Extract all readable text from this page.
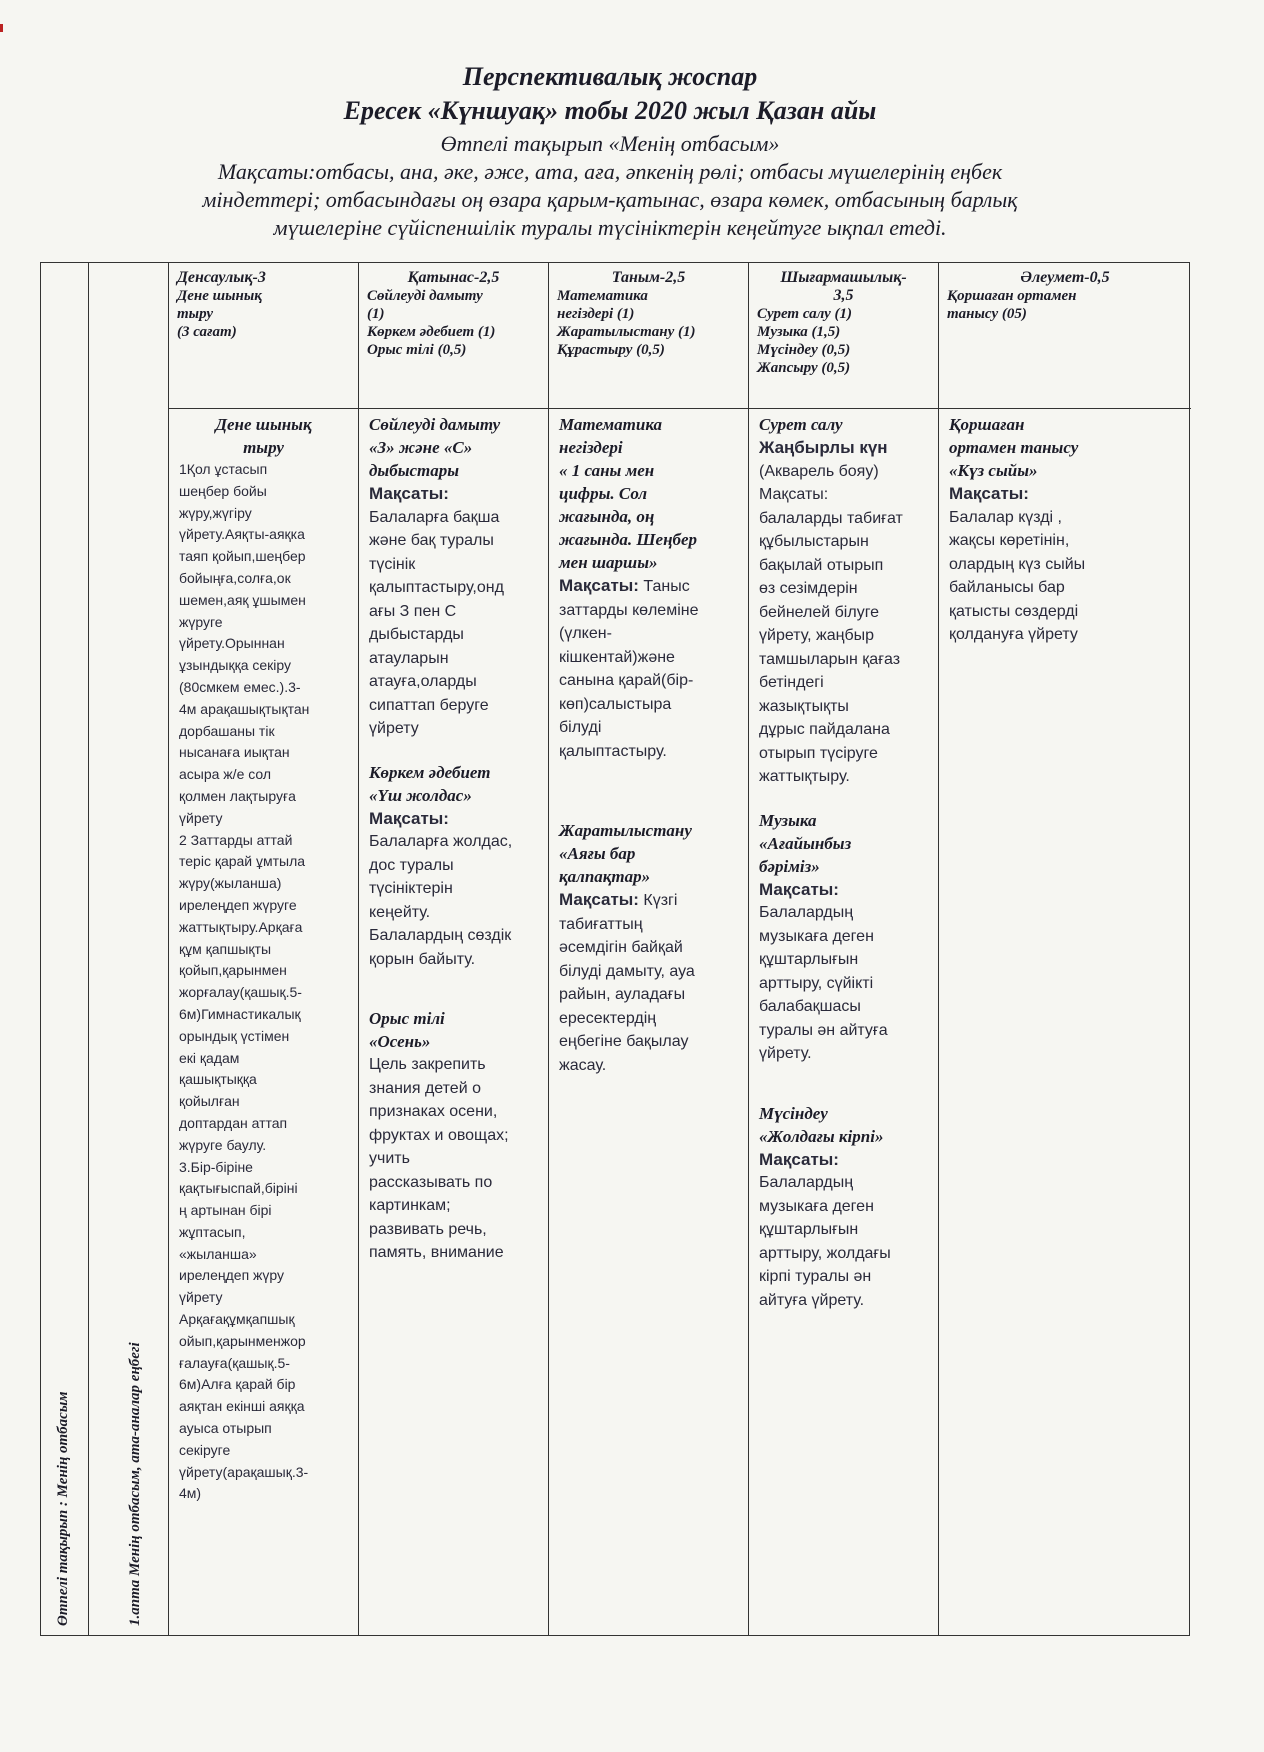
Перспективалық жоспар
Ересек «Күншуақ» тобы 2020 жыл Қазан айы
Өтпелі тақырып «Менің отбасым»
Мақсаты:отбасы, ана, әке, әже, ата, аға, әпкенің рөлі; отбасы мүшелерінің еңбек
міндеттері; отбасындағы оң өзара қарым-қатынас, өзара көмек, отбасының барлық
мүшелеріне сүйіспеншілік туралы түсініктерін кеңейтуге ықпал етеді.
Өтпелі тақырып : Менің отбасым	1.апта Менің отбасым, ата-аналар еңбегі
Денсаулық-3
Дене шынық
тыру
(3 сағат)
Дене шынық
тыру
1Қол ұстасып
шеңбер бойы
жүру,жүгіру
үйрету.Аяқты-аяқка
таяп қойып,шеңбер
бойыңға,солға,ок
шемен,аяқ ұшымен
жүруге
үйрету.Орыннан
ұзындыққа секіру
(80смкем емес.).3-
4м арақашықтықтан
дорбашаны тік
нысанаға иықтан
асыра ж/е сол
қолмен лақтыруға
үйрету
2 Заттарды аттай
теріс қарай ұмтыла
жүру(жыланша)
ирелеңдеп жүруге
жаттықтыру.Арқаға
құм қапшықты
қойып,қарынмен
жорғалау(қашық.5-
6м)Гимнастикалық
орындық үстімен
екі қадам
қашықтыққа
қойылған
доптардан аттап
жүруге баулу.
3.Бір-біріне
қақтығыспай,біріні
ң артынан бірі
жұптасып,
«жыланша»
ирелеңдеп жүру
үйрету
Арқағақұмқапшық
ойып,қарынменжор
ғалауға(қашық.5-
6м)Алға қарай бір
аяқтан екінші аяққа
ауыса отырып
секіруге
үйрету(арақашық.3-
4м)
Қатынас-2,5
Сөйлеуді дамыту
(1)
Көркем әдебиет (1)
Орыс тілі (0,5)
Сөйлеуді дамыту
«З» және «С»
дыбыстары
Мақсаты:
Балаларға бақша
және бақ туралы
түсінік
қалыптастыру,онд
ағы З пен С
дыбыстарды
атауларын
атауға,оларды
сипаттап беруге
үйрету
Көркем әдебиет
«Үш жолдас»
Мақсаты:
Балаларға жолдас,
дос туралы
түсініктерін
кеңейту.
Балалардың сөздік
қорын байыту.
Орыс тілі
«Осень»
Цель закрепить
знания детей о
признаках осени,
фруктах и овощах;
учить
рассказывать по
картинкам;
развивать речь,
память, внимание
Таным-2,5
Математика
негіздері (1)
Жаратылыстану (1)
Құрастыру (0,5)
Математика
негіздері
« 1 саны мен
цифры. Сол
жағында, оң
жағында. Шеңбер
мен шаршы»
Мақсаты: Таныс
заттарды көлеміне
(үлкен-
кішкентай)және
санына қарай(бір-
көп)салыстыра
білуді
қалыптастыру.
Жаратылыстану
«Аяғы бар
қалпақтар»
Мақсаты: Күзгі
табиғаттың
әсемдігін байқай
білуді дамыту, ауа
райын, ауладағы
ересектердің
еңбегіне бақылау
жасау.
Шығармашылық-
3,5
Сурет салу (1)
Музыка (1,5)
Мүсіндеу (0,5)
Жапсыру (0,5)
Сурет салу
Жаңбырлы күн
(Акварель бояу)
Мақсаты:
балаларды табиғат
құбылыстарын
бақылай отырып
өз сезімдерін
бейнелей білуге
үйрету, жаңбыр
тамшыларын қағаз
бетіндегі
жазықтықты
дұрыс пайдалана
отырып түсіруге
жаттықтыру.
Музыка
«Ағайынбыз
бәріміз»
Мақсаты:
Балалардың
музыкаға деген
құштарлығын
арттыру, сүйікті
балабақшасы
туралы ән айтуға
үйрету.
Мүсіндеу
«Жолдағы кірпі»
Мақсаты:
Балалардың
музыкаға деген
құштарлығын
арттыру, жолдағы
кірпі туралы ән
айтуға үйрету.
Әлеумет-0,5
Қоршаған ортамен
танысу (05)
Қоршаған
ортамен танысу
«Күз сыйы»
Мақсаты:
Балалар күзді ,
жақсы көретінін,
олардың күз сыйы
байланысы бар
қатысты сөздерді
қолдануға үйрету
